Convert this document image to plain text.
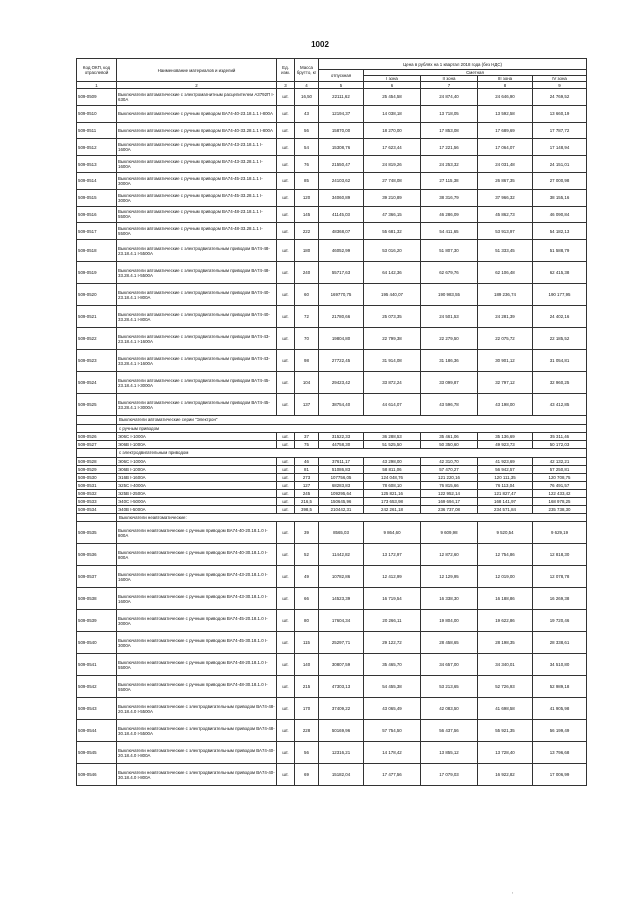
1002
Код ОКП, код отраслевой	Наименование материалов и изделий	Ед. изм.	Масса брутто, кг	Цена в рублях на 1 квартал 2018 года (без НДС)				
				отпускная	Сметная			
					I зона	II зона	III зона	IV зона
1	2	3	4	5	6	7	8	9
509-0509	Выключатели автоматические с электромагнитным расцепителем А3792П I-630А	шт.	16,50	22111,62	25 454,58	24 874,40	24 646,90	24 769,52
509-0510	Выключатели автоматические с ручным приводом ВА74-40-23.18.1.1 I-800А	шт.	43	12194,37	14 038,18	13 718,05	13 592,58	13 660,19
509-0511	Выключатели автоматические с ручным приводом ВА74-40-33.28.1.1 I-800А	шт.	56	15870,00	18 270,00	17 853,08	17 689,69	17 787,72
509-0512	Выключатели автоматические с ручным приводом ВА74-43-23.18.1.1 I-1600А	шт.	54	15308,76	17 623,44	17 221,56	17 064,07	17 148,94
509-0513	Выключатели автоматические с ручным приводом ВА74-43-33.28.1.1 I-1600А	шт.	76	21550,47	24 819,26	24 253,32	24 031,48	24 151,01
509-0514	Выключатели автоматические с ручным приводом ВА74-45-23.18.1.1 I-3000А	шт.	85	24103,62	27 748,08	27 115,38	26 867,35	27 000,98
509-0515	Выключатели автоматические с ручным приводом ВА74-45-33.28.1.1 I-3000А	шт.	120	34060,89	39 210,89	38 316,79	37 966,32	38 155,16
509-0516	Выключатели автоматические с ручным приводом ВА74-48-23.18.1.1 I-5500А	шт.	145	41145,03	47 366,15	46 286,09	45 862,73	46 090,84
509-0517	Выключатели автоматические с ручным приводом ВА74-48-33.28.1.1 I-5500А	шт.	222	48368,07	55 681,32	54 411,65	53 913,97	54 182,13
509-0518	Выключатели автоматические с электродвигательным приводом ВА74-48-23.18.4.1 I-5500А	шт.	180	46052,99	53 016,20	51 807,30	51 333,45	51 588,79
509-0519	Выключатели автоматические с электродвигательным приводом ВА74-48-33.28.4.1 I-5500А	шт.	240	55717,63	64 142,36	62 679,76	62 106,48	62 415,38
509-0520	Выключатели автоматические с электродвигательным приводом ВА74-40-23.18.4.1 I-800А	шт.	60	169770,75	195 440,07	190 983,55	189 236,74	190 177,95
509-0521	Выключатели автоматические с электродвигательным приводом ВА74-40-33.28.4.1 I-800А	шт.	72	21780,66	25 073,35	24 501,53	24 281,39	24 402,16
509-0522	Выключатели автоматические с электродвигательным приводом ВА74-43-23.18.4.1 I-1600А	шт.	70	19804,80	22 799,38	22 279,50	22 075,72	22 185,52
509-0523	Выключатели автоматические с электродвигательным приводом ВА74-43-33.28.4.1 I-1600А	шт.	98	27722,45	31 914,08	31 186,36	30 901,12	31 054,81
509-0524	Выключатели автоматические с электродвигательным приводом ВА74-45-23.18.4.1 I-3000А	шт.	104	29423,42	33 872,24	33 099,87	32 797,12	32 960,25
509-0525	Выключатели автоматические с электродвигательным приводом ВА74-45-33.28.4.1 I-3000А	шт.	137	38754,40	44 614,07	43 596,78	43 198,00	43 412,85
	Выключатели автоматические серии "Электрон"							
	с ручным приводом							
509-0526	Э06С I-1000А	шт.	37	31522,33	36 288,53	35 461,06	35 136,69	35 311,46
509-0527	Э06В I-1000А	шт.	75	44758,30	51 525,50	50 350,60	49 923,73	50 172,03
	с электродвигательным приводом							
509-0528	Э06С I-1000А	шт.	46	37611,17	43 298,00	42 310,70	41 923,69	42 132,21
509-0529	Э06В I-1000А	шт.	81	51086,83	58 811,06	57 470,27	56 942,57	57 250,81
509-0530	Э16В I-1600А	шт.	273	107756,05	124 048,76	121 220,16	120 111,35	120 708,75
509-0531	Э25С I-4000А	шт.	127	68283,83	78 608,10	76 815,66	76 113,04	76 491,57
509-0532	Э25В I-2500А	шт.	245	109295,64	125 821,16	122 952,14	121 827,47	122 433,42
509-0533	Э40С I-5000А	шт.	216,5	150645,96	173 653,98	169 694,17	168 141,97	168 978,25
509-0534	Э40В I-5000А	шт.	398,5	210442,31	242 261,18	236 737,08	234 571,84	235 738,30
	Выключатели неавтоматические:							
509-0535	Выключатели неавтоматические с ручным приводом ВА74-40-20.18.1.0 I-800А	шт.	39	8565,03	9 864,60	9 609,98	9 520,54	9 629,19
509-0536	Выключатели неавтоматические с ручным приводом ВА74-40-30.18.1.0 I-800А	шт.	52	11442,82	13 172,97	12 872,60	12 754,86	12 818,30
509-0537	Выключатели неавтоматические с ручным приводом ВА74-43-20.18.1.0 I-1600А	шт.	49	10782,86	12 412,99	12 129,95	12 019,00	12 078,78
509-0538	Выключатели неавтоматические с ручным приводом ВА74-43-30.18.1.0 I-1600А	шт.	66	14523,39	16 719,54	16 338,30	16 188,86	16 269,38
509-0539	Выключатели неавтоматические с ручным приводом ВА74-45-20.18.1.0 I-3000А	шт.	80	17604,34	20 266,11	19 804,00	19 622,86	19 720,46
509-0540	Выключатели неавтоматические с ручным приводом ВА74-45-30.18.1.0 I-3000А	шт.	115	25297,71	29 122,72	28 458,65	28 198,35	28 338,61
509-0541	Выключатели неавтоматические с ручным приводом ВА74-48-20.18.1.0 I-5500А	шт.	140	30807,59	35 465,70	34 657,00	34 340,01	34 510,80
509-0542	Выключатели неавтоматические с ручным приводом ВА74-48-30.18.1.0 I-5500А	шт.	215	47303,13	54 455,38	53 213,65	52 726,93	52 989,18
509-0543	Выключатели неавтоматические с электродвигательным приводом ВА74-48-20.18.4.0 I-5500А	шт.	170	37409,22	43 065,49	42 083,50	41 698,58	41 905,98
509-0544	Выключатели неавтоматические с электродвигательным приводом ВА74-48-30.18.4.0 I-5500А	шт.	228	50169,96	57 754,50	56 437,56	55 921,35	56 199,49
509-0545	Выключатели неавтоматические с электродвигательным приводом ВА74-40-20.18.4.0 I-800А	шт.	56	12316,21	14 178,42	13 855,12	13 728,40	13 796,68
509-0546	Выключатели неавтоматические с электродвигательным приводом ВА74-40-30.18.4.0 I-800А	шт.	69	15182,04	17 477,56	17 079,03	16 922,82	17 006,99
,
